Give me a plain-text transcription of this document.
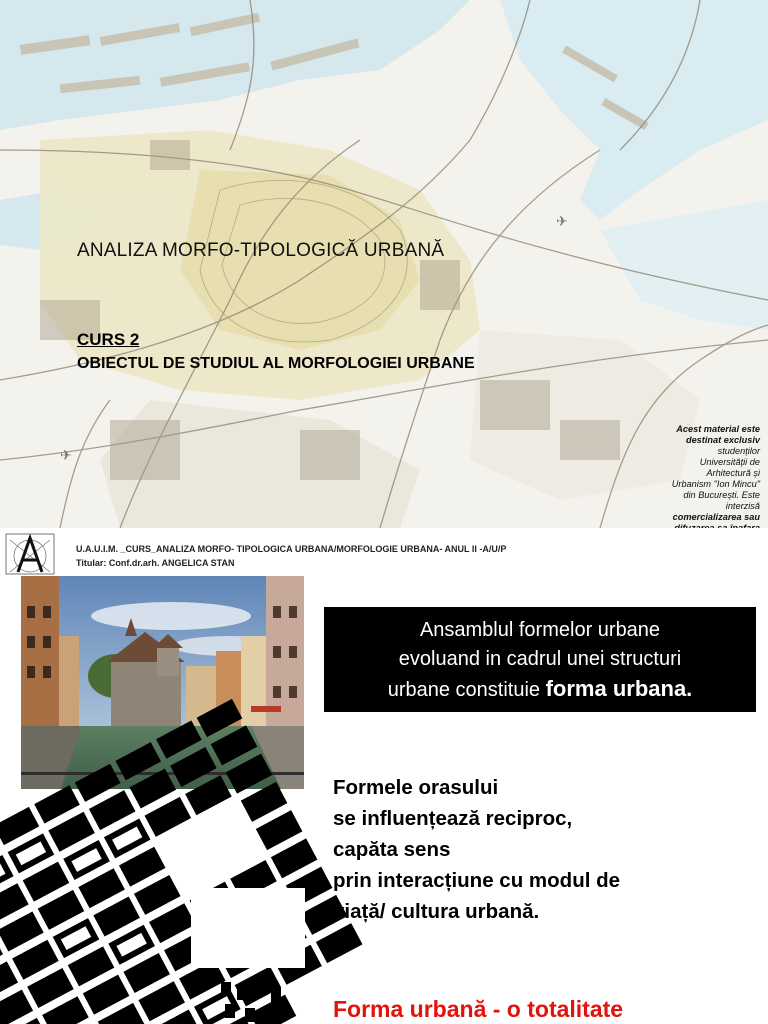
✈
✈
ANALIZA MORFO-TIPOLOGICĂ URBANĂ
CURS 2
OBIECTUL DE STUDIUL AL MORFOLOGIEI URBANE
Acest material este
destinat exclusiv
studenților
Universității de
Arhitectură și
Urbanism "Ion Mincu"
din București. Este
interzisă
comercializarea sau
U.A.U.I.M. _CURS_ANALIZA MORFO- TIPOLOGICA URBANA/MORFOLOGIE URBANA- ANUL II -A/U/P
Titular: Conf.dr.arh. ANGELICA STAN
Ansamblul formelor urbane
evoluand in cadrul unei structuri
urbane constituie forma urbana.
Formele orasului
se influențează reciproc,
capăta sens
prin interacțiune cu modul de
viață/ cultura urbană.
Forma urbană - o totalitate
